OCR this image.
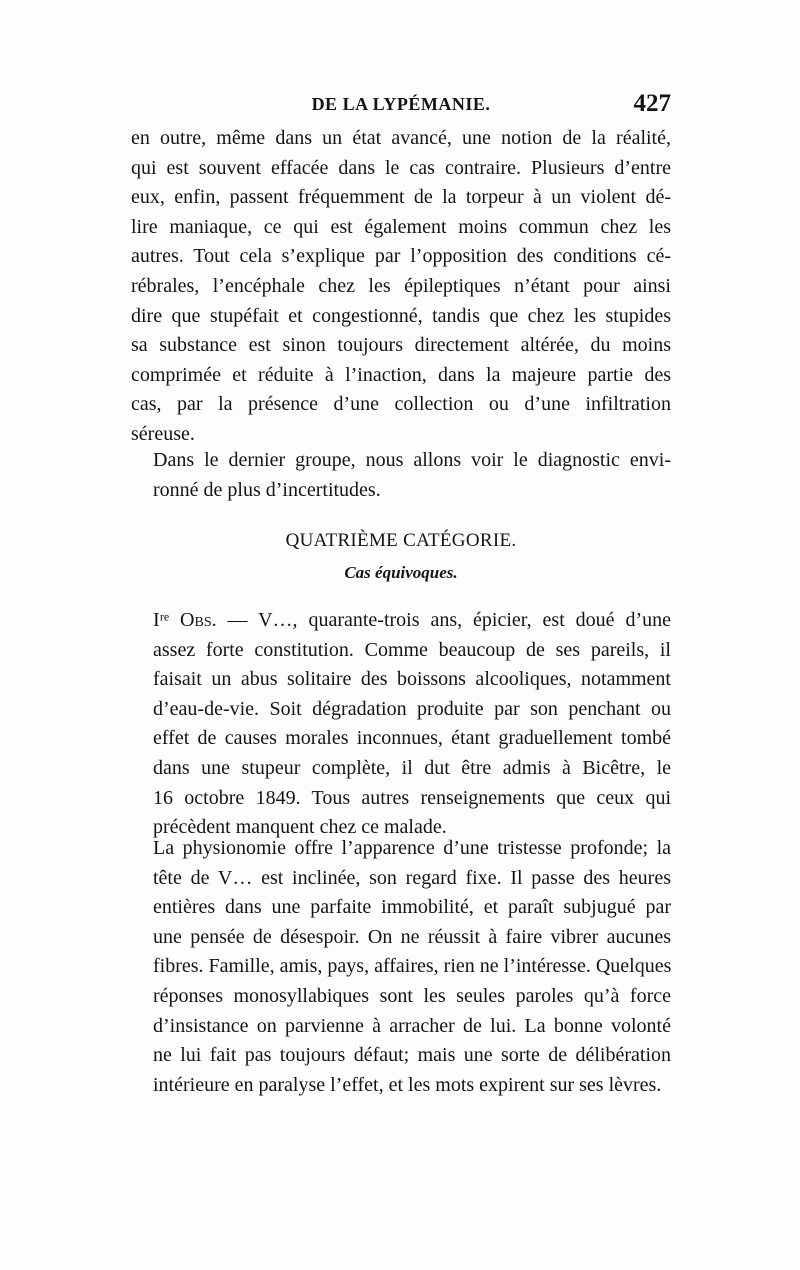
DE LA LYPÉMANIE.	427

en outre, même dans un état avancé, une notion de la réalité,
qui est souvent effacée dans le cas contraire. Plusieurs d’entre
eux, enfin, passent fréquemment de la torpeur à un violent dé-
lire maniaque, ce qui est également moins commun chez les
autres. Tout cela s’explique par l’opposition des conditions cé-
rébrales, l’encéphale chez les épileptiques n’étant pour ainsi
dire que stupéfait et congestionné, tandis que chez les stupides
sa substance est sinon toujours directement altérée, du moins
comprimée et réduite à l’inaction, dans la majeure partie des
cas, par la présence d’une collection ou d’une infiltration
séreuse.

Dans le dernier groupe, nous allons voir le diagnostic envi-
ronné de plus d’incertitudes.

QUATRIÈME CATÉGORIE.
Cas équivoques.

Iʳᵉ Obs. — V…, quarante-trois ans, épicier, est doué d’une
assez forte constitution. Comme beaucoup de ses pareils, il
faisait un abus solitaire des boissons alcooliques, notamment
d’eau-de-vie. Soit dégradation produite par son penchant ou
effet de causes morales inconnues, étant graduellement tombé
dans une stupeur complète, il dut être admis à Bicêtre, le
16 octobre 1849. Tous autres renseignements que ceux qui
précèdent manquent chez ce malade.

La physionomie offre l’apparence d’une tristesse profonde; la
tête de V… est inclinée, son regard fixe. Il passe des heures
entières dans une parfaite immobilité, et paraît subjugué par
une pensée de désespoir. On ne réussit à faire vibrer aucunes
fibres. Famille, amis, pays, affaires, rien ne l’intéresse. Quelques
réponses monosyllabiques sont les seules paroles qu’à force
d’insistance on parvienne à arracher de lui. La bonne volonté
ne lui fait pas toujours défaut; mais une sorte de délibération
intérieure en paralyse l’effet, et les mots expirent sur ses lèvres.
